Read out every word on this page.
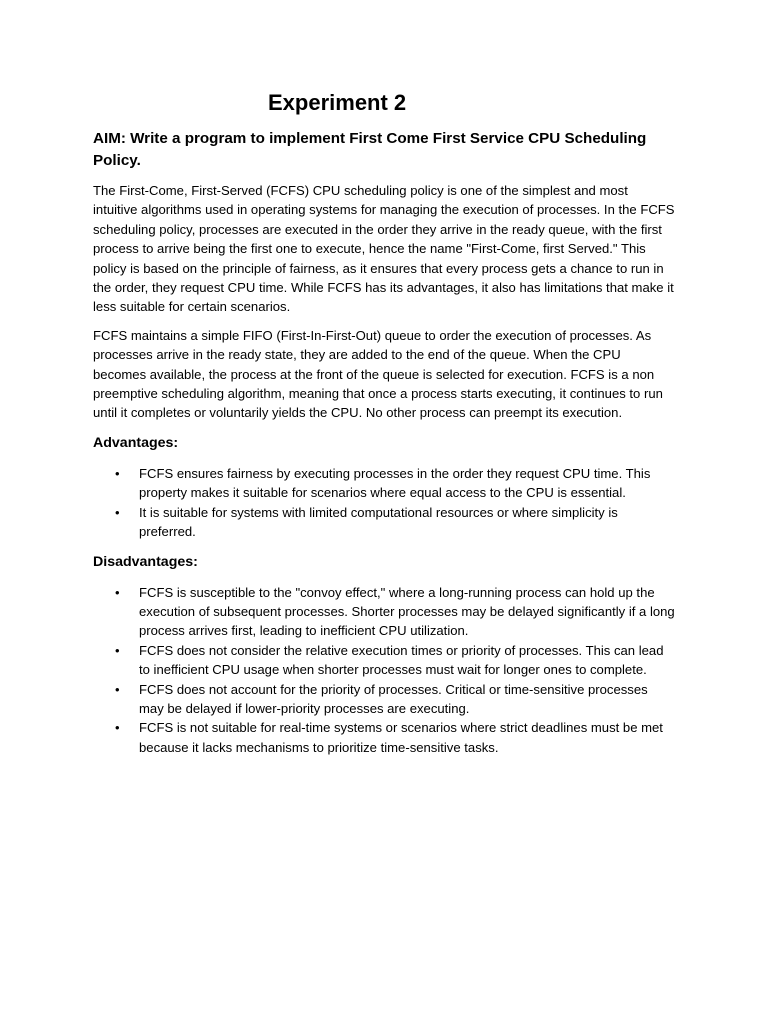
Experiment 2

AIM: Write a program to implement First Come First Service CPU Scheduling Policy.

The First-Come, First-Served (FCFS) CPU scheduling policy is one of the simplest and most intuitive algorithms used in operating systems for managing the execution of processes. In the FCFS scheduling policy, processes are executed in the order they arrive in the ready queue, with the first process to arrive being the first one to execute, hence the name "First-Come, first Served." This policy is based on the principle of fairness, as it ensures that every process gets a chance to run in the order, they request CPU time. While FCFS has its advantages, it also has limitations that make it less suitable for certain scenarios.

FCFS maintains a simple FIFO (First-In-First-Out) queue to order the execution of processes. As processes arrive in the ready state, they are added to the end of the queue. When the CPU becomes available, the process at the front of the queue is selected for execution. FCFS is a non preemptive scheduling algorithm, meaning that once a process starts executing, it continues to run until it completes or voluntarily yields the CPU. No other process can preempt its execution.

Advantages:
• FCFS ensures fairness by executing processes in the order they request CPU time. This property makes it suitable for scenarios where equal access to the CPU is essential.
• It is suitable for systems with limited computational resources or where simplicity is preferred.
Disadvantages:
• FCFS is susceptible to the "convoy effect," where a long-running process can hold up the execution of subsequent processes. Shorter processes may be delayed significantly if a long process arrives first, leading to inefficient CPU utilization.
• FCFS does not consider the relative execution times or priority of processes. This can lead to inefficient CPU usage when shorter processes must wait for longer ones to complete.
• FCFS does not account for the priority of processes. Critical or time-sensitive processes may be delayed if lower-priority processes are executing.
• FCFS is not suitable for real-time systems or scenarios where strict deadlines must be met because it lacks mechanisms to prioritize time-sensitive tasks.
